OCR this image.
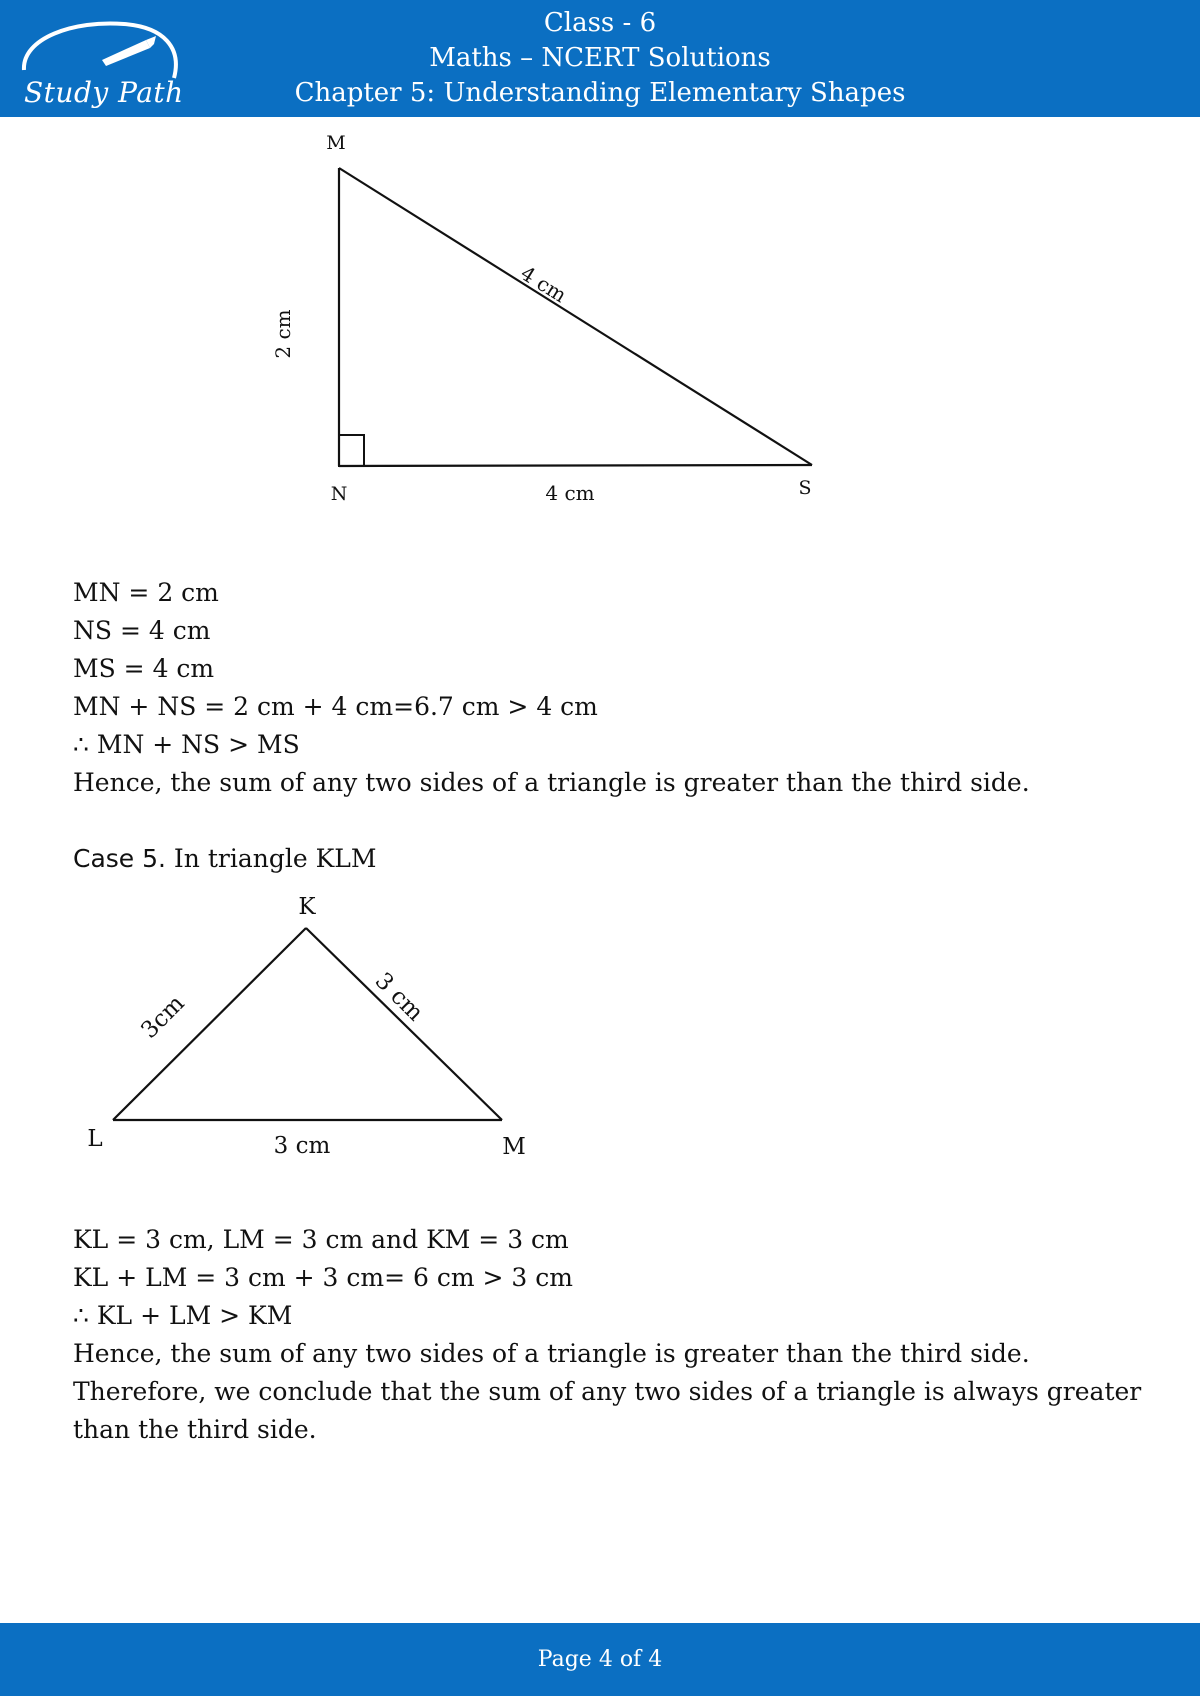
Study Path
Class - 6
Maths – NCERT Solutions
Chapter 5: Understanding Elementary Shapes
M
N	S
2 cm
4 cm
4 cm
MN = 2 cm
NS = 4 cm
MS = 4 cm
MN + NS = 2 cm + 4 cm=6.7 cm > 4 cm
∴ MN + NS > MS
Hence, the sum of any two sides of a triangle is greater than the third side.
Case 5. In triangle KLM
K
L	M
3cm	3 cm
3 cm
KL = 3 cm, LM = 3 cm and KM = 3 cm
KL + LM = 3 cm + 3 cm= 6 cm > 3 cm
∴ KL + LM > KM
Hence, the sum of any two sides of a triangle is greater than the third side.
Therefore, we conclude that the sum of any two sides of a triangle is always greater
than the third side.
Page 4 of 4
